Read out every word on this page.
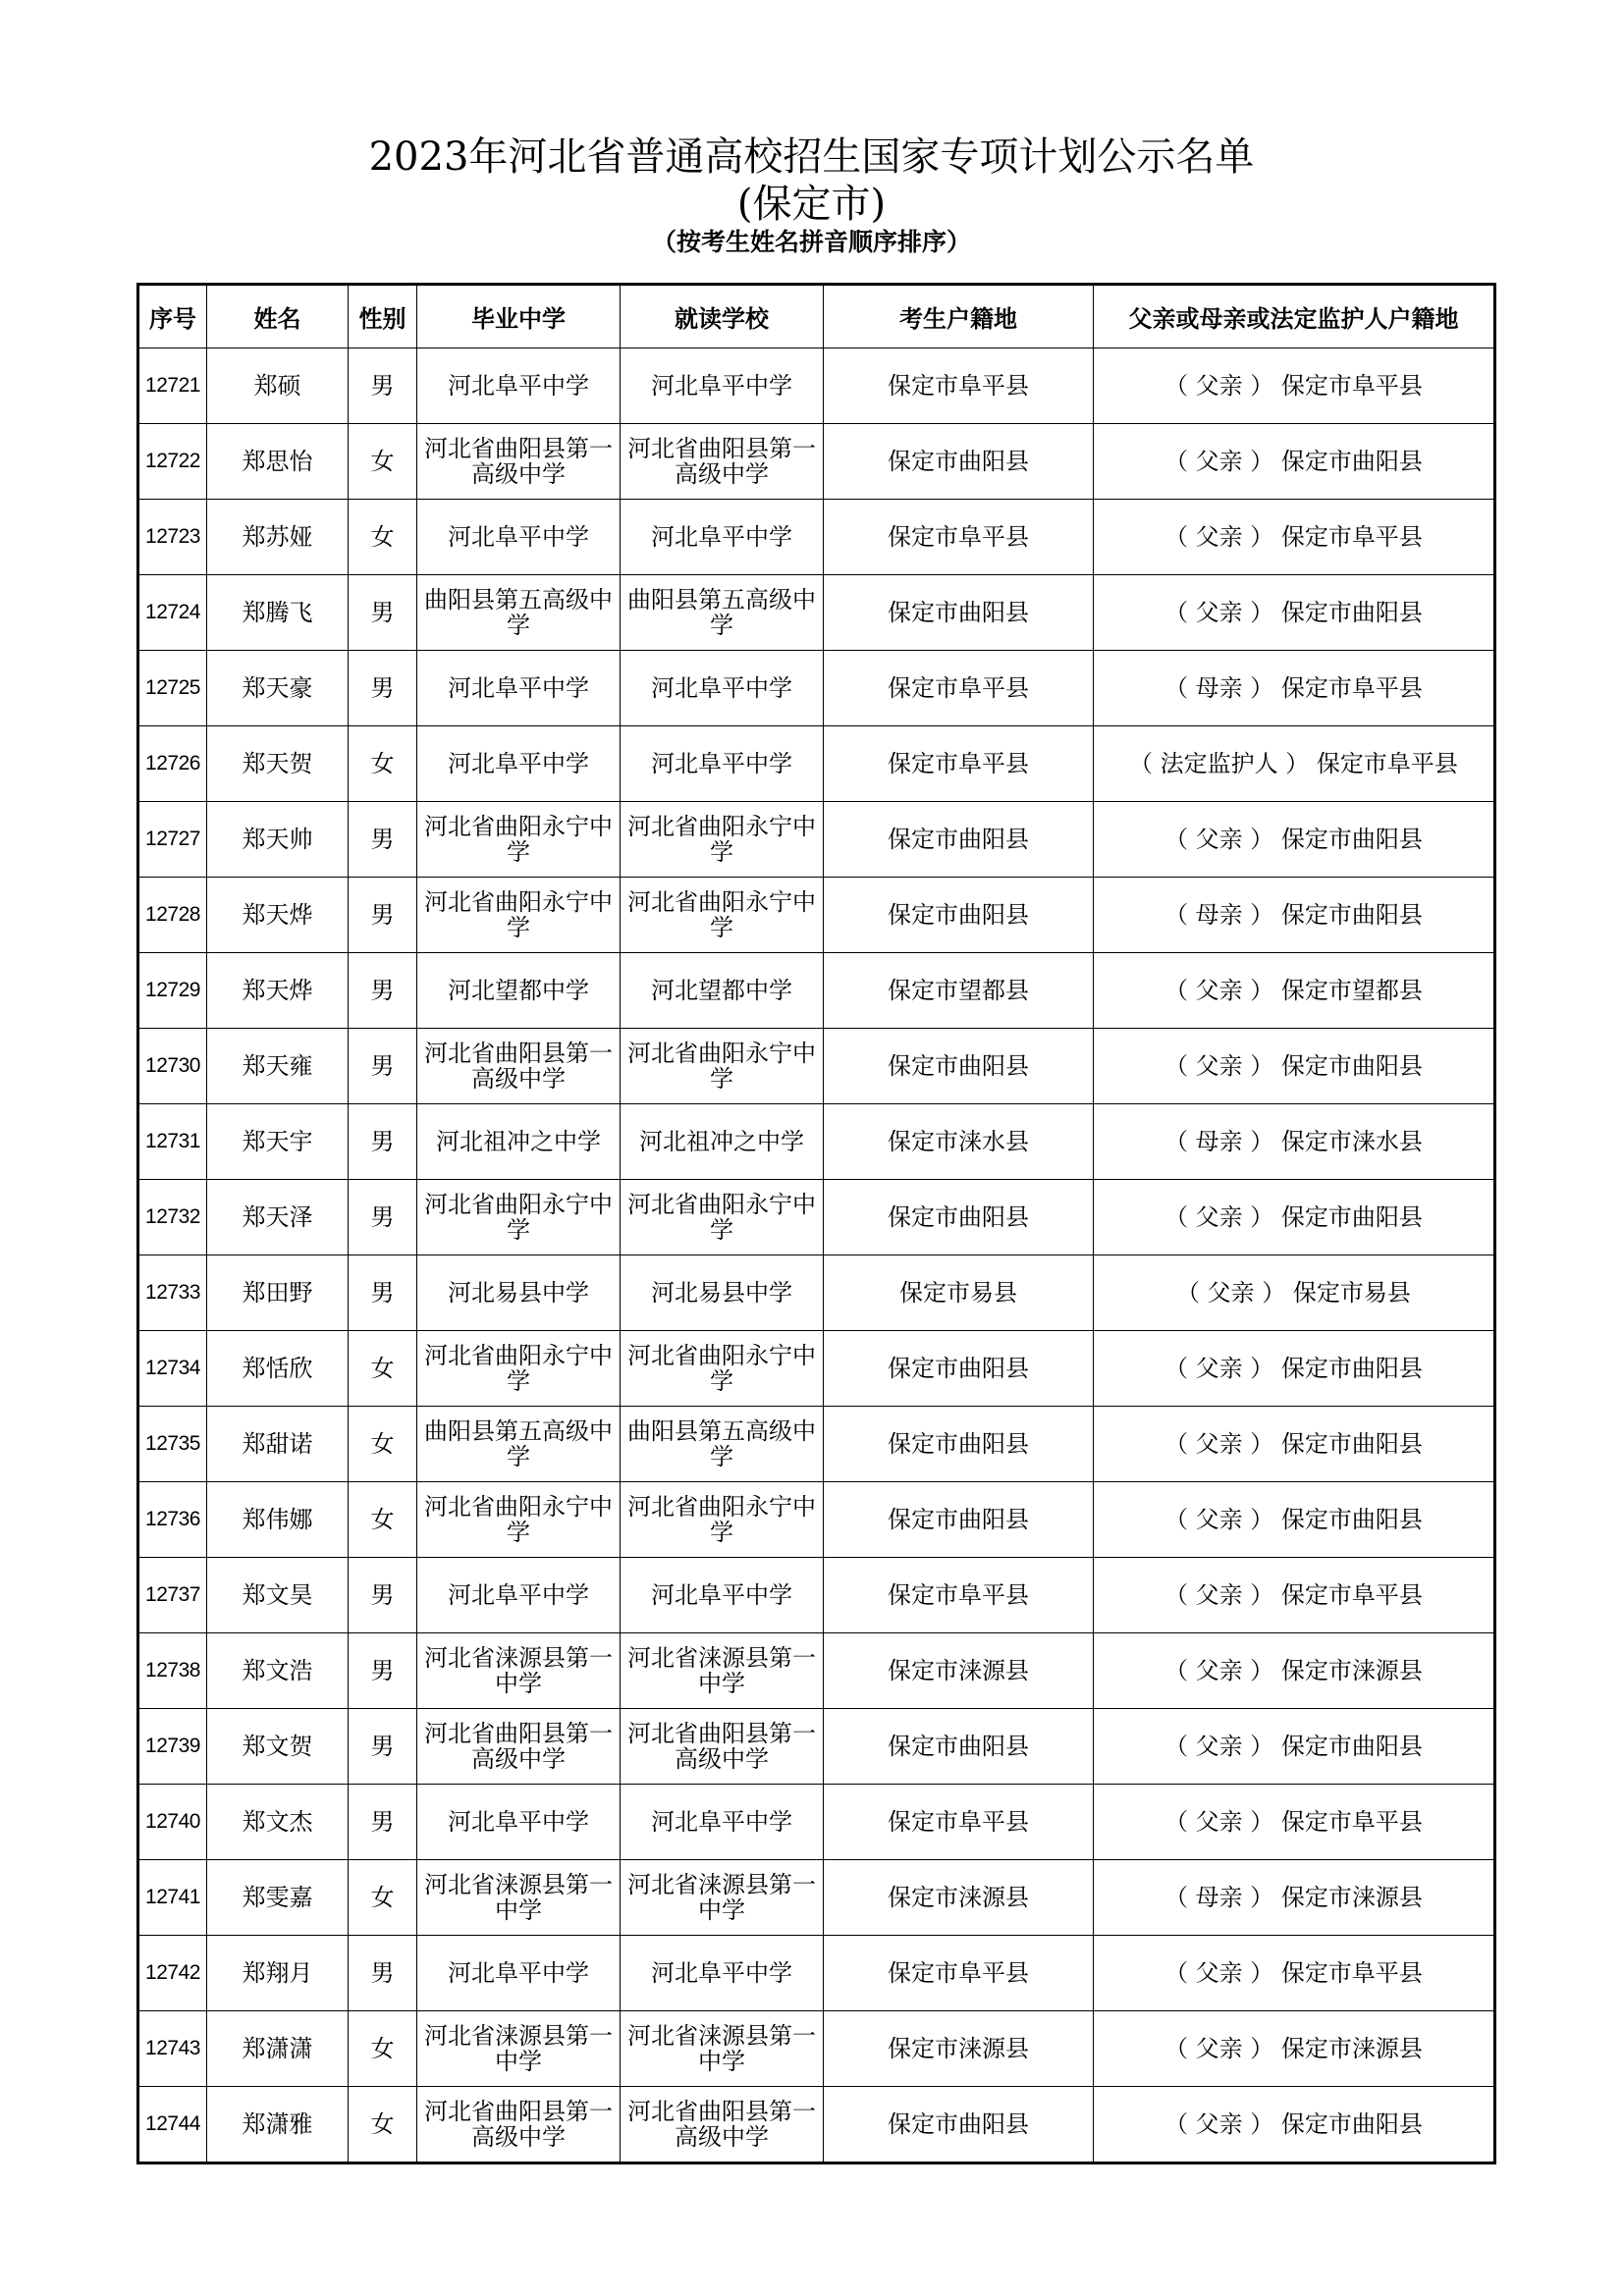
2023年河北省普通高校招生国家专项计划公示名单
(保定市)
（按考生姓名拼音顺序排序）
序号	姓名	性别	毕业中学	就读学校	考生户籍地	父亲或母亲或法定监护人户籍地
12721	郑硕	男	河北阜平中学	河北阜平中学	保定市阜平县	（ 父亲 ） 保定市阜平县
12722	郑思怡	女	河北省曲阳县第一高级中学	河北省曲阳县第一高级中学	保定市曲阳县	（ 父亲 ） 保定市曲阳县
12723	郑苏娅	女	河北阜平中学	河北阜平中学	保定市阜平县	（ 父亲 ） 保定市阜平县
12724	郑腾飞	男	曲阳县第五高级中学	曲阳县第五高级中学	保定市曲阳县	（ 父亲 ） 保定市曲阳县
12725	郑天豪	男	河北阜平中学	河北阜平中学	保定市阜平县	（ 母亲 ） 保定市阜平县
12726	郑天贺	女	河北阜平中学	河北阜平中学	保定市阜平县	（ 法定监护人 ） 保定市阜平县
12727	郑天帅	男	河北省曲阳永宁中学	河北省曲阳永宁中学	保定市曲阳县	（ 父亲 ） 保定市曲阳县
12728	郑天烨	男	河北省曲阳永宁中学	河北省曲阳永宁中学	保定市曲阳县	（ 母亲 ） 保定市曲阳县
12729	郑天烨	男	河北望都中学	河北望都中学	保定市望都县	（ 父亲 ） 保定市望都县
12730	郑天雍	男	河北省曲阳县第一高级中学	河北省曲阳永宁中学	保定市曲阳县	（ 父亲 ） 保定市曲阳县
12731	郑天宇	男	河北祖冲之中学	河北祖冲之中学	保定市涞水县	（ 母亲 ） 保定市涞水县
12732	郑天泽	男	河北省曲阳永宁中学	河北省曲阳永宁中学	保定市曲阳县	（ 父亲 ） 保定市曲阳县
12733	郑田野	男	河北易县中学	河北易县中学	保定市易县	（ 父亲 ） 保定市易县
12734	郑恬欣	女	河北省曲阳永宁中学	河北省曲阳永宁中学	保定市曲阳县	（ 父亲 ） 保定市曲阳县
12735	郑甜诺	女	曲阳县第五高级中学	曲阳县第五高级中学	保定市曲阳县	（ 父亲 ） 保定市曲阳县
12736	郑伟娜	女	河北省曲阳永宁中学	河北省曲阳永宁中学	保定市曲阳县	（ 父亲 ） 保定市曲阳县
12737	郑文昊	男	河北阜平中学	河北阜平中学	保定市阜平县	（ 父亲 ） 保定市阜平县
12738	郑文浩	男	河北省涞源县第一中学	河北省涞源县第一中学	保定市涞源县	（ 父亲 ） 保定市涞源县
12739	郑文贺	男	河北省曲阳县第一高级中学	河北省曲阳县第一高级中学	保定市曲阳县	（ 父亲 ） 保定市曲阳县
12740	郑文杰	男	河北阜平中学	河北阜平中学	保定市阜平县	（ 父亲 ） 保定市阜平县
12741	郑雯嘉	女	河北省涞源县第一中学	河北省涞源县第一中学	保定市涞源县	（ 母亲 ） 保定市涞源县
12742	郑翔月	男	河北阜平中学	河北阜平中学	保定市阜平县	（ 父亲 ） 保定市阜平县
12743	郑潇潇	女	河北省涞源县第一中学	河北省涞源县第一中学	保定市涞源县	（ 父亲 ） 保定市涞源县
12744	郑潇雅	女	河北省曲阳县第一高级中学	河北省曲阳县第一高级中学	保定市曲阳县	（ 父亲 ） 保定市曲阳县
